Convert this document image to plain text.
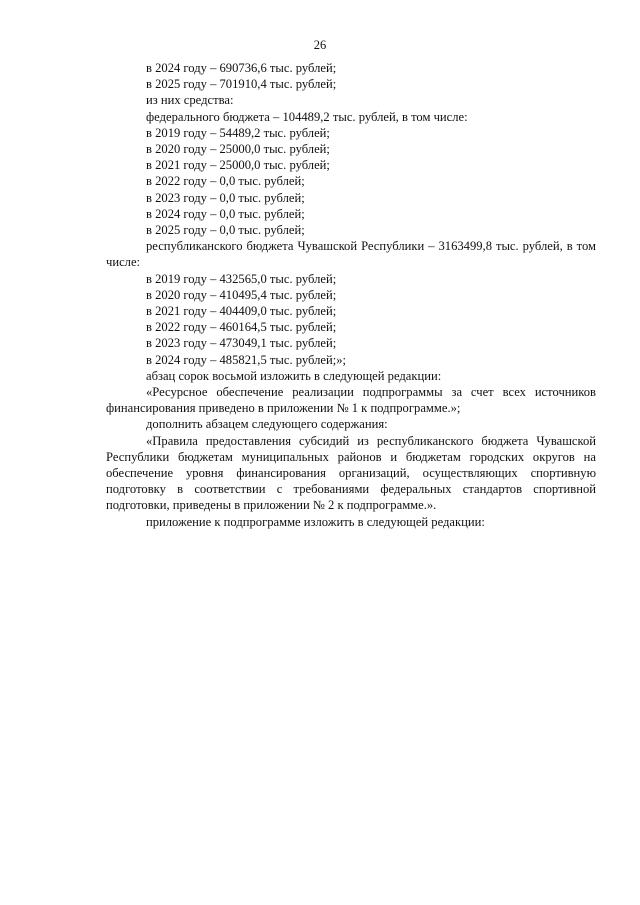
26

в 2024 году – 690736,6 тыс. рублей;

в 2025 году – 701910,4 тыс. рублей;

из них средства:

федерального бюджета – 104489,2 тыс. рублей, в том числе:

в 2019 году – 54489,2 тыс. рублей;

в 2020 году – 25000,0 тыс. рублей;

в 2021 году – 25000,0 тыс. рублей;

в 2022 году – 0,0 тыс. рублей;

в 2023 году – 0,0 тыс. рублей;

в 2024 году – 0,0 тыс. рублей;

в 2025 году – 0,0 тыс. рублей;

республиканского бюджета Чувашской Республики – 3163499,8 тыс. рублей, в том числе:

в 2019 году – 432565,0 тыс. рублей;

в 2020 году – 410495,4 тыс. рублей;

в 2021 году – 404409,0 тыс. рублей;

в 2022 году – 460164,5 тыс. рублей;

в 2023 году – 473049,1 тыс. рублей;

в 2024 году – 485821,5 тыс. рублей;»;

абзац сорок восьмой изложить в следующей редакции:

«Ресурсное обеспечение реализации подпрограммы за счет всех источников финансирования приведено в приложении № 1 к подпрограмме.»;

дополнить абзацем следующего содержания:

«Правила предоставления субсидий из республиканского бюджета Чувашской Республики бюджетам муниципальных районов и бюджетам городских округов на обеспечение уровня финансирования организаций, осуществляющих спортивную подготовку в соответствии с требованиями федеральных стандартов спортивной подготовки, приведены в приложении № 2 к подпрограмме.».

приложение к подпрограмме изложить в следующей редакции:
